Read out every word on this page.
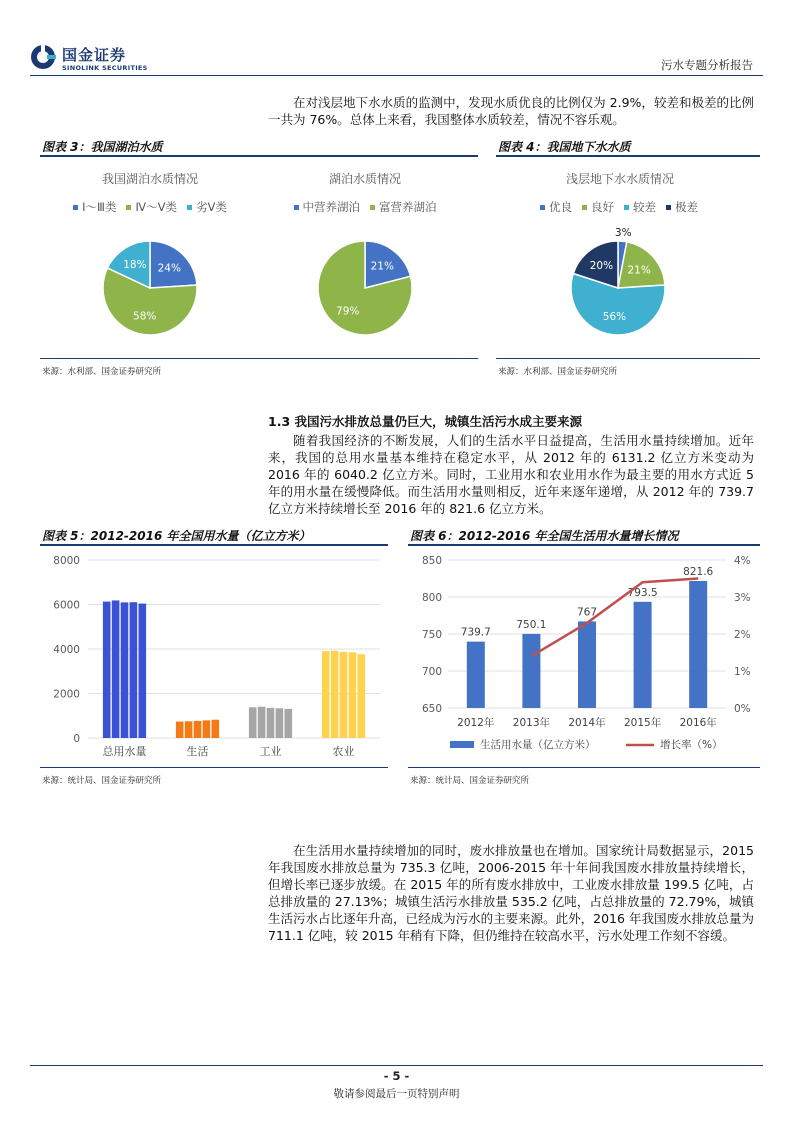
国金证券
SINOLINK SECURITIES	污水专题分析报告

在对浅层地下水水质的监测中，发现水质优良的比例仅为 2.9%，较差和极差的比例一共为 76%。总体上来看，我国整体水质较差，情况不容乐观。

图表 3：我国湖泊水质
我国湖泊水质情况
Ⅰ～Ⅲ类	Ⅳ～Ⅴ类	劣Ⅴ类
24%
58%
18%
湖泊水质情况
中营养湖泊	富营养湖泊
21%
79%
来源：水利部、国金证券研究所
图表 4：我国地下水水质
浅层地下水水质情况
优良	良好	较差	极差
3%
21%
56%
20%
来源：水利部、国金证券研究所
1.3 我国污水排放总量仍巨大，城镇生活污水成主要来源

随着我国经济的不断发展，人们的生活水平日益提高，生活用水量持续增加。近年来，我国的总用水量基本维持在稳定水平，从 2012 年的 6131.2 亿立方米变动为 2016 年的 6040.2 亿立方米。同时，工业用水和农业用水作为最主要的用水方式近 5 年的用水量在缓慢降低。而生活用水量则相反，近年来逐年递增，从 2012 年的 739.7 亿立方米持续增长至 2016 年的 821.6 亿立方米。

图表 5：2012-2016 年全国用水量（亿立方米）
0
2000
4000
6000
8000
总用水量	生活	工业	农业
来源：统计局、国金证券研究所
图表 6：2012-2016 年全国生活用水量增长情况
650
700
750
800
850
0%
1%
2%
3%
4%
739.7
2012年
750.1
2013年
767
2014年
793.5
2015年
821.6
2016年
生活用水量（亿立方米）	增长率（%）
来源：统计局、国金证券研究所

在生活用水量持续增加的同时，废水排放量也在增加。国家统计局数据显示，2015 年我国废水排放总量为 735.3 亿吨，2006-2015 年十年间我国废水排放量持续增长，但增长率已逐步放缓。在 2015 年的所有废水排放中，工业废水排放量 199.5 亿吨，占总排放量的 27.13%；城镇生活污水排放量 535.2 亿吨，占总排放量的 72.79%，城镇生活污水占比逐年升高，已经成为污水的主要来源。此外，2016 年我国废水排放总量为 711.1 亿吨，较 2015 年稍有下降，但仍维持在较高水平，污水处理工作刻不容缓。

- 5 -
敬请参阅最后一页特别声明
